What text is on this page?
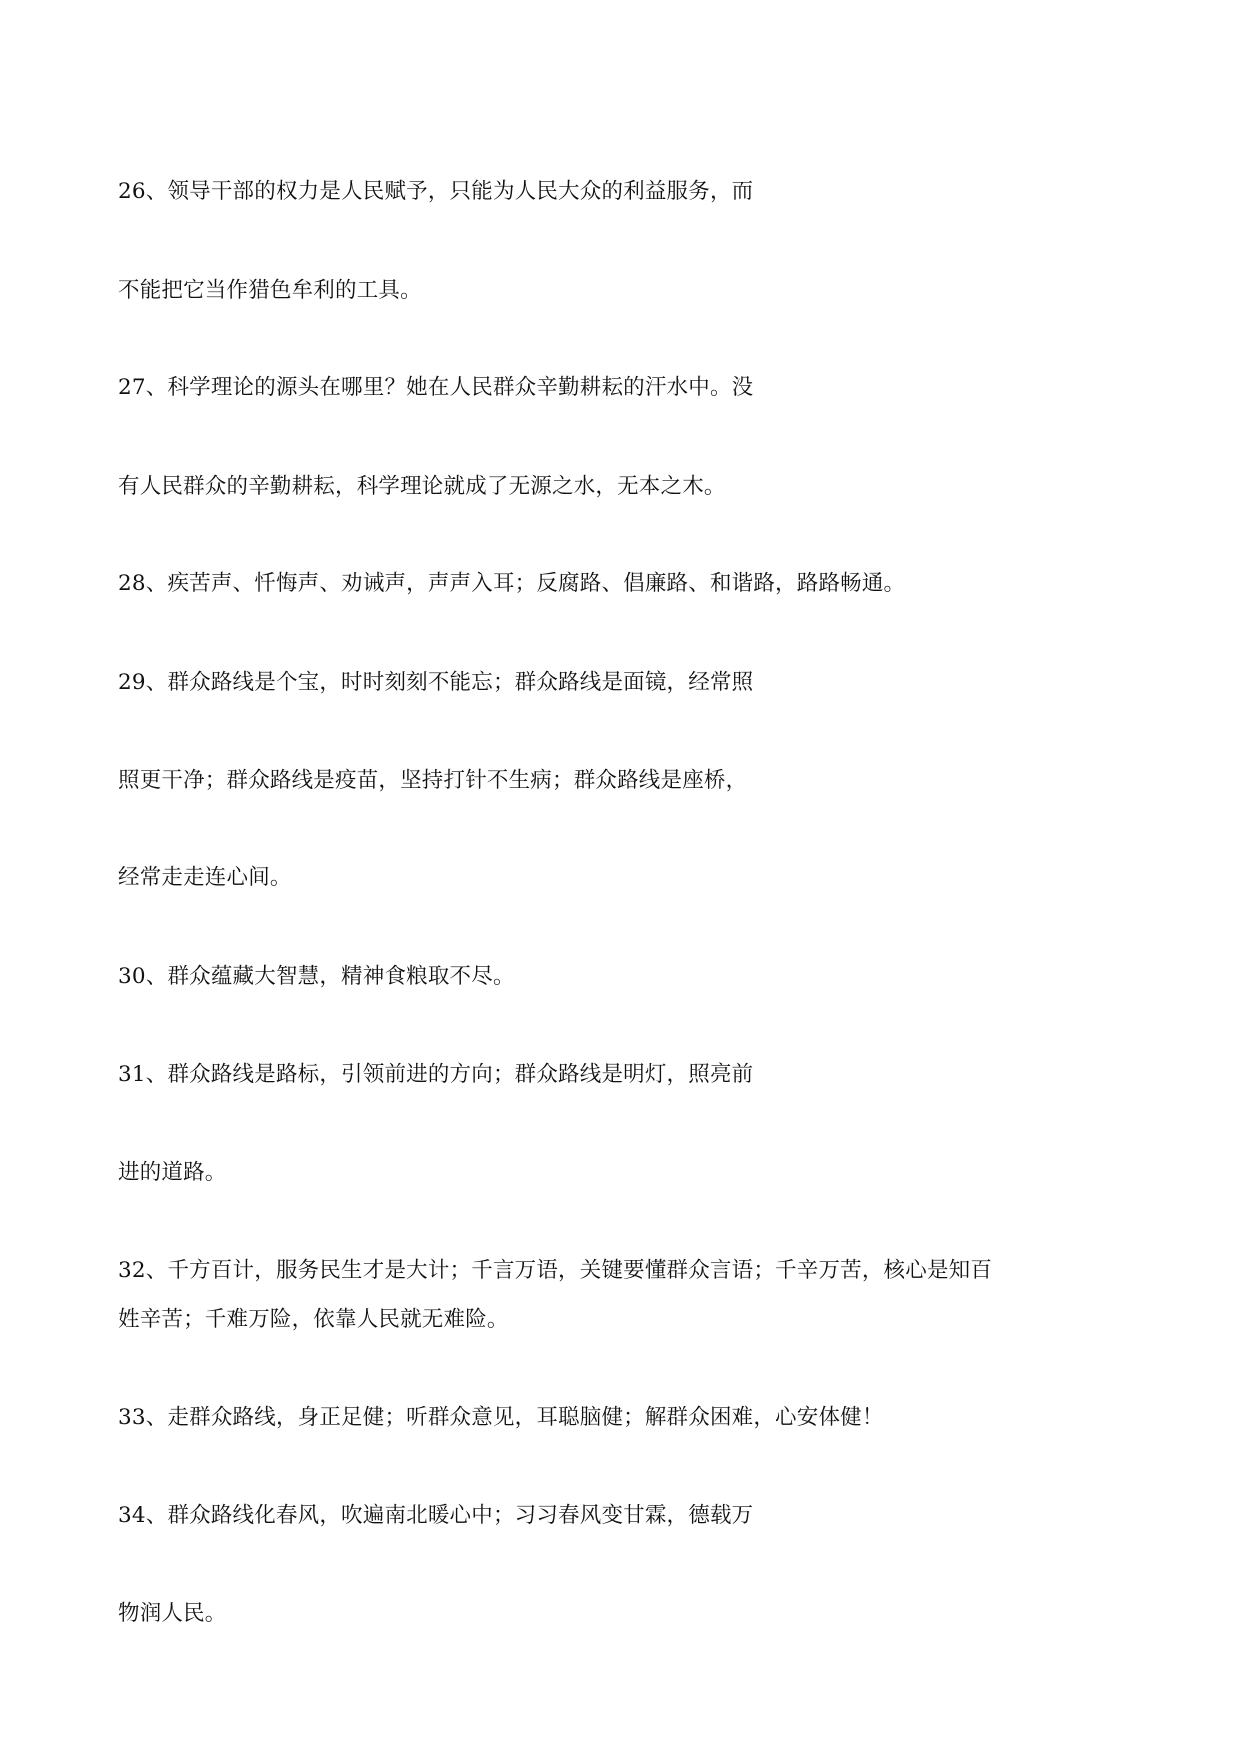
26、领导干部的权力是人民赋予，只能为人民大众的利益服务，而
不能把它当作猎色牟利的工具。
27、科学理论的源头在哪里？她在人民群众辛勤耕耘的汗水中。没
有人民群众的辛勤耕耘，科学理论就成了无源之水，无本之木。
28、疾苦声、忏悔声、劝诫声，声声入耳；反腐路、倡廉路、和谐路，路路畅通。
29、群众路线是个宝，时时刻刻不能忘；群众路线是面镜，经常照
照更干净；群众路线是疫苗，坚持打针不生病；群众路线是座桥，
经常走走连心间。
30、群众蕴藏大智慧，精神食粮取不尽。
31、群众路线是路标，引领前进的方向；群众路线是明灯，照亮前
进的道路。
32、千方百计，服务民生才是大计；千言万语，关键要懂群众言语；千辛万苦，核心是知百
姓辛苦；千难万险，依靠人民就无难险。
33、走群众路线，身正足健；听群众意见，耳聪脑健；解群众困难，心安体健！
34、群众路线化春风，吹遍南北暖心中；习习春风变甘霖，德载万
物润人民。
